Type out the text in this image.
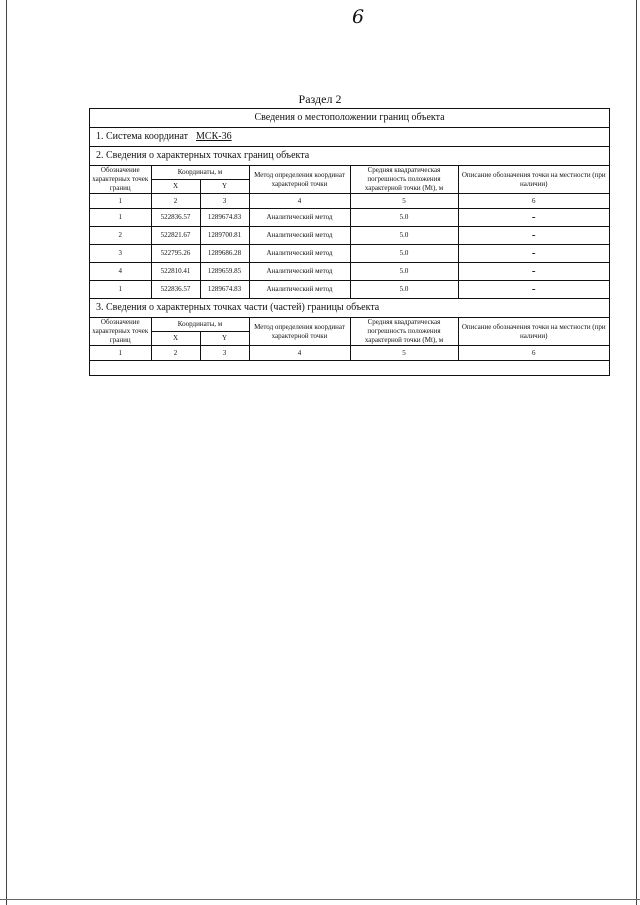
6
Раздел 2
Сведения о местоположении границ объекта
1. Система координат МСК-36
2. Сведения о характерных точках границ объекта
Обозначение характерных точек границ	Координаты, м		Метод определения координат характерной точки	Средняя квадратическая погрешность положения характерной точки (Mt), м	Описание обозначения точки на местности (при наличии)
	X	Y			
1	2	3	4	5	6
1	522836.57	1289674.83	Аналитический метод	5.0	-
2	522821.67	1289700.81	Аналитический метод	5.0	-
3	522795.26	1289686.28	Аналитический метод	5.0	-
4	522810.41	1289659.85	Аналитический метод	5.0	-
1	522836.57	1289674.83	Аналитический метод	5.0	-
3. Сведения о характерных точках части (частей) границы объекта
Обозначение характерных точек границ	Координаты, м		Метод определения координат характерной точки	Средняя квадратическая погрешность положения характерной точки (Mt), м	Описание обозначения точки на местности (при наличии)
	X	Y			
1	2	3	4	5	6
